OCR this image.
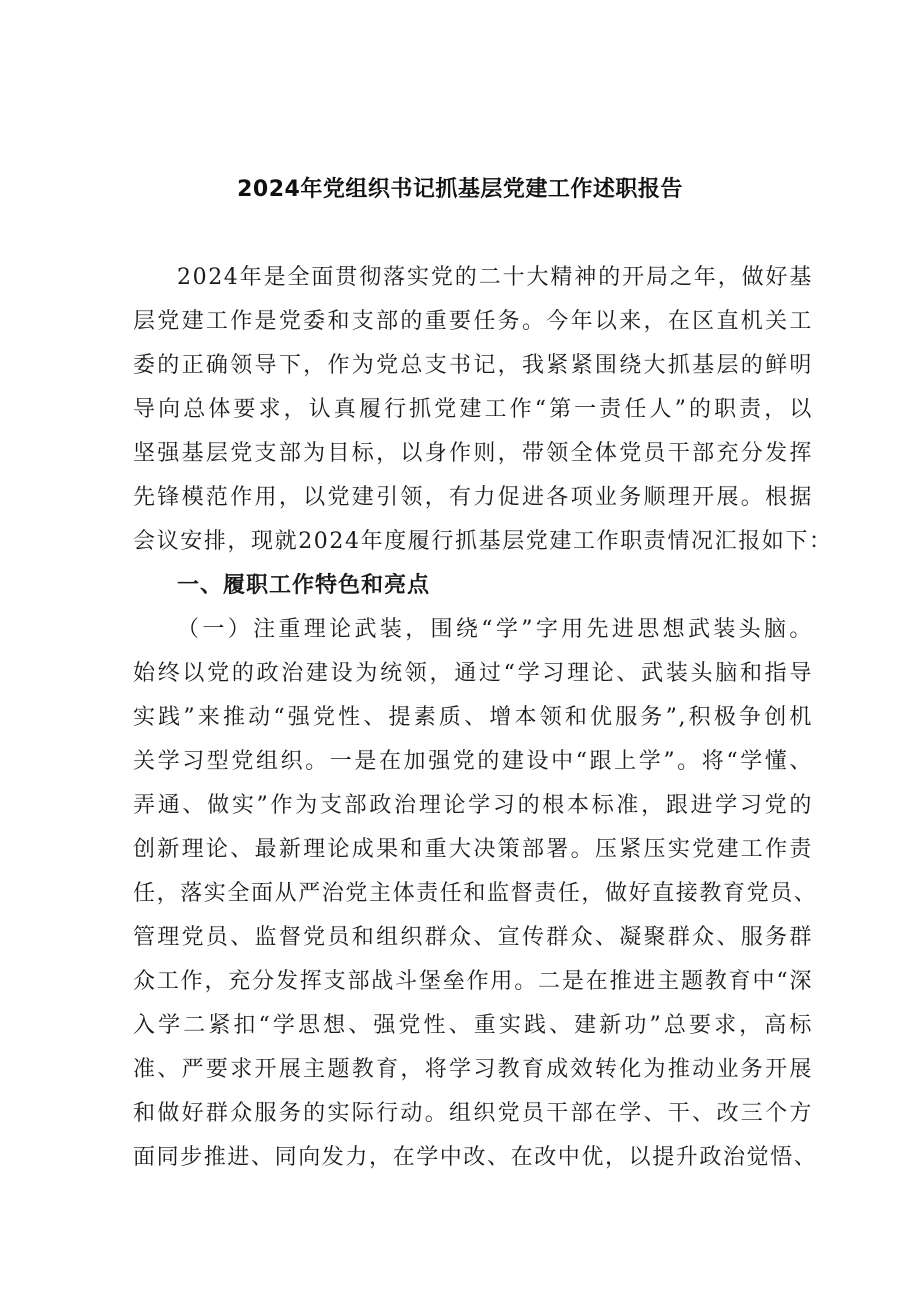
2024年党组织书记抓基层党建工作述职报告
2024年是全面贯彻落实党的二十大精神的开局之年，做好基
层党建工作是党委和支部的重要任务。今年以来，在区直机关工
委的正确领导下，作为党总支书记，我紧紧围绕大抓基层的鲜明
导向总体要求，认真履行抓党建工作“第一责任人”的职责，以
坚强基层党支部为目标，以身作则，带领全体党员干部充分发挥
先锋模范作用，以党建引领，有力促进各项业务顺理开展。根据
会议安排，现就2024年度履行抓基层党建工作职责情况汇报如下：
一、履职工作特色和亮点
（一）注重理论武装，围绕“学”字用先进思想武装头脑。
始终以党的政治建设为统领，通过“学习理论、武装头脑和指导
实践”来推动“强党性、提素质、增本领和优服务”,积极争创机
关学习型党组织。一是在加强党的建设中“跟上学”。将“学懂、
弄通、做实”作为支部政治理论学习的根本标准，跟进学习党的
创新理论、最新理论成果和重大决策部署。压紧压实党建工作责
任，落实全面从严治党主体责任和监督责任，做好直接教育党员、
管理党员、监督党员和组织群众、宣传群众、凝聚群众、服务群
众工作，充分发挥支部战斗堡垒作用。二是在推进主题教育中“深
入学二紧扣“学思想、强党性、重实践、建新功”总要求，高标
准、严要求开展主题教育，将学习教育成效转化为推动业务开展
和做好群众服务的实际行动。组织党员干部在学、干、改三个方
面同步推进、同向发力，在学中改、在改中优，以提升政治觉悟、
